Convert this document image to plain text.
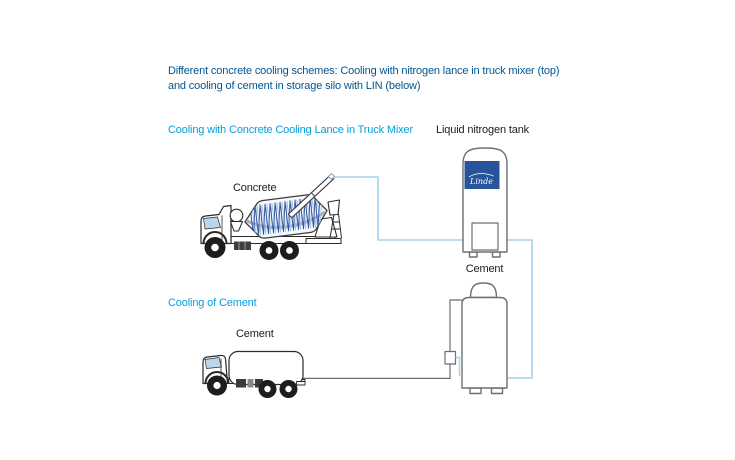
Different concrete cooling schemes: Cooling with nitrogen lance in truck mixer (top)
and cooling of cement in storage silo with LIN (below)
Cooling with Concrete Cooling Lance in Truck Mixer Liquid nitrogen tank
Concrete
Cement
Cooling of Cement
Cement
Linde
